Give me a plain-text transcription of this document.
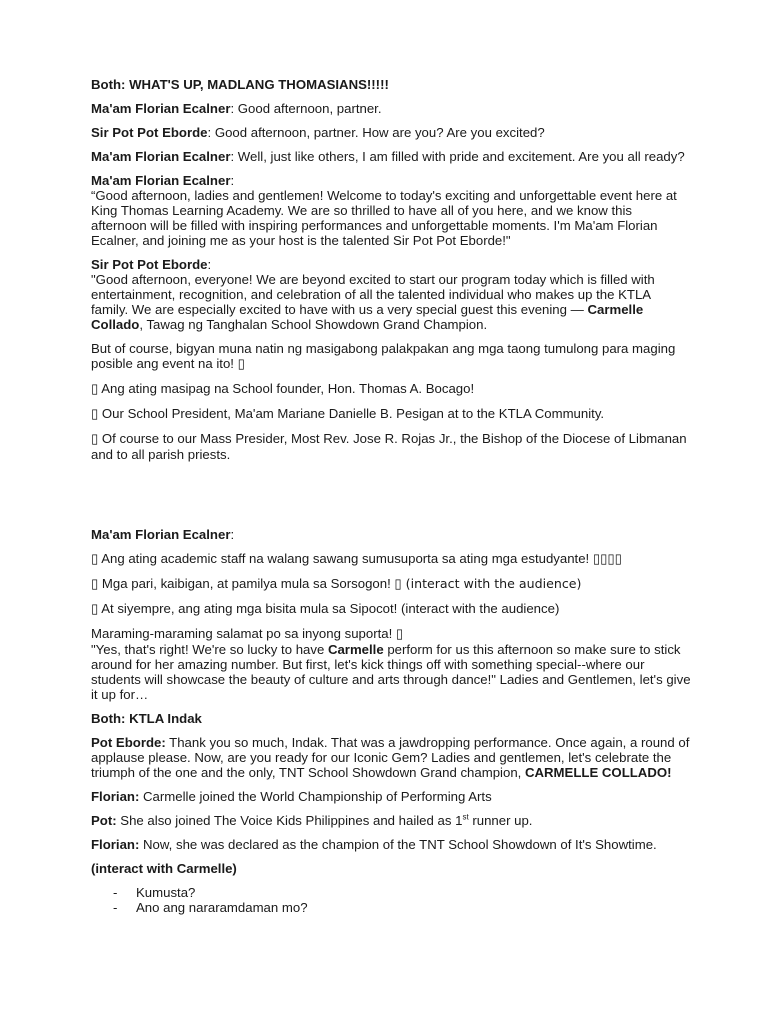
Both: WHAT'S UP, MADLANG THOMASIANS!!!!!

Ma'am Florian Ecalner: Good afternoon, partner.

Sir Pot Pot Eborde: Good afternoon, partner. How are you? Are you excited?

Ma'am Florian Ecalner: Well, just like others, I am filled with pride and excitement. Are you all ready?

Ma'am Florian Ecalner:
“Good afternoon, ladies and gentlemen! Welcome to today's exciting and unforgettable event here at King Thomas Learning Academy. We are so thrilled to have all of you here, and we know this afternoon will be filled with inspiring performances and unforgettable moments. I'm Ma'am Florian Ecalner, and joining me as your host is the talented Sir Pot Pot Eborde!"

Sir Pot Pot Eborde:
"Good afternoon, everyone! We are beyond excited to start our program today which is filled with entertainment, recognition, and celebration of all the talented individual who makes up the KTLA family. We are especially excited to have with us a very special guest this evening — Carmelle Collado, Tawag ng Tanghalan School Showdown Grand Champion.

But of course, bigyan muna natin ng masigabong palakpakan ang mga taong tumulong para maging posible ang event na ito! ▯

▯ Ang ating masipag na School founder, Hon. Thomas A. Bocago!

▯ Our School President, Ma'am Mariane Danielle B. Pesigan at to the KTLA Community.

▯ Of course to our Mass Presider, Most Rev. Jose R. Rojas Jr., the Bishop of the Diocese of Libmanan and to all parish priests.

Ma'am Florian Ecalner:

▯ Ang ating academic staff na walang sawang sumusuporta sa ating mga estudyante! ▯▯▯▯

▯ Mga pari, kaibigan, at pamilya mula sa Sorsogon! ▯ (interact with the audience)

▯ At siyempre, ang ating mga bisita mula sa Sipocot! (interact with the audience)

Maraming-maraming salamat po sa inyong suporta! ▯
"Yes, that's right! We're so lucky to have Carmelle perform for us this afternoon so make sure to stick around for her amazing number. But first, let's kick things off with something special--where our students will showcase the beauty of culture and arts through dance!" Ladies and Gentlemen, let's give it up for…

Both: KTLA Indak

Pot Eborde: Thank you so much, Indak. That was a jawdropping performance. Once again, a round of applause please. Now, are you ready for our Iconic Gem? Ladies and gentlemen, let's celebrate the triumph of the one and the only, TNT School Showdown Grand champion, CARMELLE COLLADO!

Florian: Carmelle joined the World Championship of Performing Arts

Pot: She also joined The Voice Kids Philippines and hailed as 1st runner up.

Florian: Now, she was declared as the champion of the TNT School Showdown of It's Showtime.

(interact with Carmelle)

- Kumusta?
- Ano ang nararamdaman mo?
